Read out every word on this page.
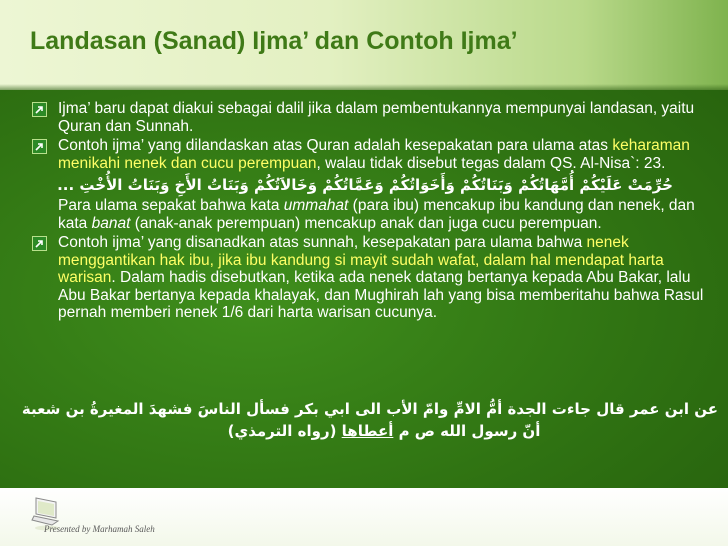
Landasan (Sanad) Ijma’ dan Contoh Ijma’
Ijma’ baru dapat diakui sebagai dalil jika dalam pembentukannya mempunyai landasan, yaitu Quran dan Sunnah.
Contoh ijma’ yang dilandaskan atas Quran adalah kesepakatan para ulama atas keharaman menikahi nenek dan cucu perempuan, walau tidak disebut tegas dalam QS. Al-Nisa`: 23.
حُرِّمَتْ عَلَيْكُمْ أُمَّهَاتُكُمْ وَبَنَاتُكُمْ وَأَخَوَاتُكُمْ وَعَمَّاتُكُمْ وَخَالاَتُكُمْ وَبَنَاتُ الأَخِ وَبَنَاتُ الأُخْتِ ...
Para ulama sepakat bahwa kata ummahat (para ibu) mencakup ibu kandung dan nenek, dan kata banat (anak-anak perempuan) mencakup anak dan juga cucu perempuan.
Contoh ijma’ yang disanadkan atas sunnah, kesepakatan para ulama bahwa nenek menggantikan hak ibu, jika ibu kandung si mayit sudah wafat, dalam hal mendapat harta warisan. Dalam hadis disebutkan, ketika ada nenek datang bertanya kepada Abu Bakar, lalu Abu Bakar bertanya kepada khalayak, dan Mughirah lah yang bisa memberitahu bahwa Rasul pernah memberi nenek 1/6 dari harta warisan cucunya.
عن ابن عمر قال جاءت الجدة أمُّ الامِّ وامّ الأب الى ابي بكر فسأل الناسَ فشهدَ المغيرةُ بن شعبة
أنّ رسول الله ص م أعطاها (رواه الترمذي)
Presented by Marhamah Saleh
